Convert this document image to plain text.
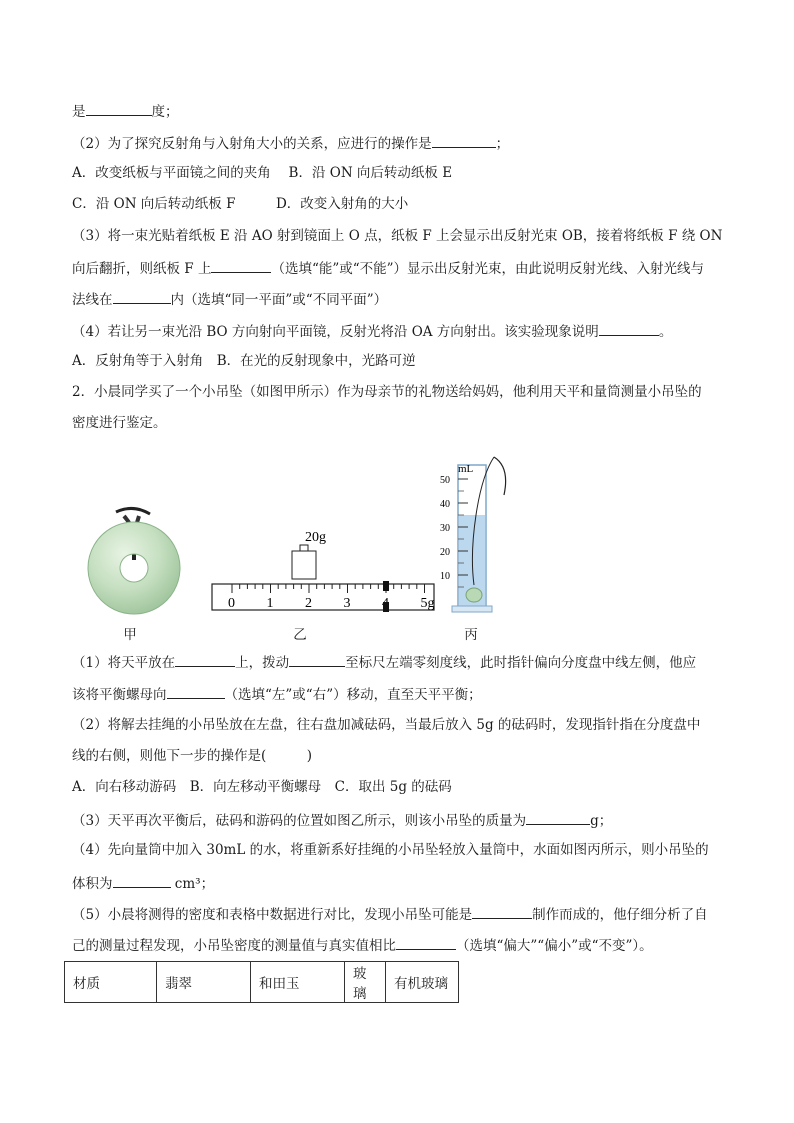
是	度；
（2）为了探究反射角与入射角大小的关系，应进行的操作是	；
A．改变纸板与平面镜之间的夹角　 B．沿 ON 向后转动纸板 E
C．沿 ON 向后转动纸板 F　　　D．改变入射角的大小
（3）将一束光贴着纸板 E 沿 AO 射到镜面上 O 点，纸板 F 上会显示出反射光束 OB，接着将纸板 F 绕 ON
向后翻折，则纸板 F 上	（选填“能”或“不能”）显示出反射光束，由此说明反射光线、入射光线与
法线在	内（选填“同一平面”或“不同平面”）
（4）若让另一束光沿 BO 方向射向平面镜，反射光将沿 OA 方向射出。该实验现象说明	。
A．反射角等于入射角　B．在光的反射现象中，光路可逆
2．小晨同学买了一个小吊坠（如图甲所示）作为母亲节的礼物送给妈妈，他利用天平和量筒测量小吊坠的
密度进行鉴定。
甲
20g
0 1 2 3	5g
乙
mL
50
40
30
20
10
丙
（1）将天平放在	上，拨动	至标尺左端零刻度线，此时指针偏向分度盘中线左侧，他应
该将平衡螺母向	（选填“左”或“右”）移动，直至天平平衡；
（2）将解去挂绳的小吊坠放在左盘，往右盘加减砝码，当最后放入 5g 的砝码时，发现指针指在分度盘中
线的右侧，则他下一步的操作是(　　　)
A．向右移动游码　B．向左移动平衡螺母　C．取出 5g 的砝码
（3）天平再次平衡后，砝码和游码的位置如图乙所示，则该小吊坠的质量为	g；
（4）先向量筒中加入 30mL 的水，将重新系好挂绳的小吊坠轻放入量筒中，水面如图丙所示，则小吊坠的
体积为	cm³；
（5）小晨将测得的密度和表格中数据进行对比，发现小吊坠可能是	制作而成的，他仔细分析了自
己的测量过程发现，小吊坠密度的测量值与真实值相比	（选填“偏大”“偏小”或“不变”）。
材质	翡翠	和田玉	玻璃	有机玻璃
